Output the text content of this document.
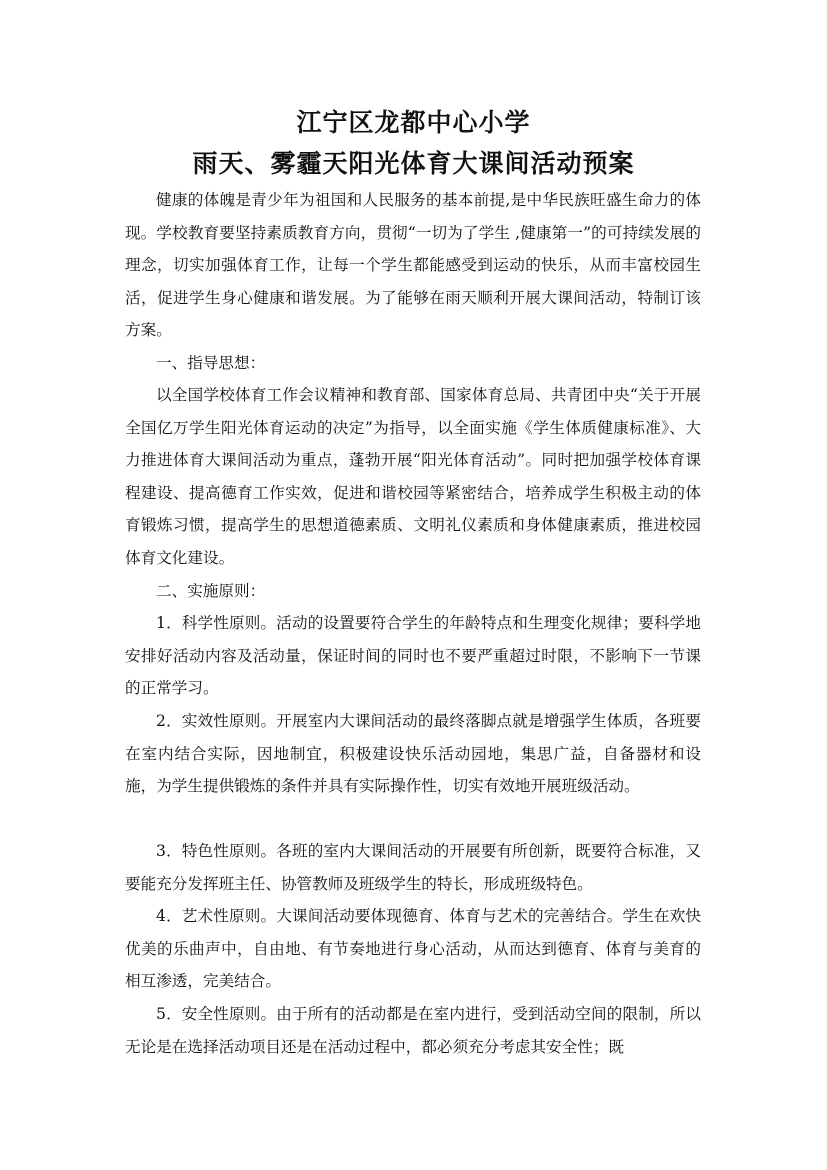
江宁区龙都中心小学
雨天、雾霾天阳光体育大课间活动预案

健康的体魄是青少年为祖国和人民服务的基本前提,是中华民族旺盛生命力的体现。学校教育要坚持素质教育方向，贯彻“一切为了学生 ,健康第一”的可持续发展的理念，切实加强体育工作，让每一个学生都能感受到运动的快乐，从而丰富校园生活，促进学生身心健康和谐发展。为了能够在雨天顺利开展大课间活动，特制订该方案。

一、指导思想：

以全国学校体育工作会议精神和教育部、国家体育总局、共青团中央“关于开展全国亿万学生阳光体育运动的决定”为指导，以全面实施《学生体质健康标准》、大力推进体育大课间活动为重点，蓬勃开展“阳光体育活动”。同时把加强学校体育课程建设、提高德育工作实效，促进和谐校园等紧密结合，培养成学生积极主动的体育锻炼习惯，提高学生的思想道德素质、文明礼仪素质和身体健康素质，推进校园体育文化建设。

二、实施原则：

1．科学性原则。活动的设置要符合学生的年龄特点和生理变化规律；要科学地安排好活动内容及活动量，保证时间的同时也不要严重超过时限，不影响下一节课的正常学习。

2．实效性原则。开展室内大课间活动的最终落脚点就是增强学生体质，各班要在室内结合实际，因地制宜，积极建设快乐活动园地，集思广益，自备器材和设施，为学生提供锻炼的条件并具有实际操作性，切实有效地开展班级活动。

3．特色性原则。各班的室内大课间活动的开展要有所创新，既要符合标准，又要能充分发挥班主任、协管教师及班级学生的特长，形成班级特色。

4．艺术性原则。大课间活动要体现德育、体育与艺术的完善结合。学生在欢快优美的乐曲声中，自由地、有节奏地进行身心活动，从而达到德育、体育与美育的相互渗透，完美结合。

5．安全性原则。由于所有的活动都是在室内进行，受到活动空间的限制，所以无论是在选择活动项目还是在活动过程中，都必须充分考虑其安全性；既
